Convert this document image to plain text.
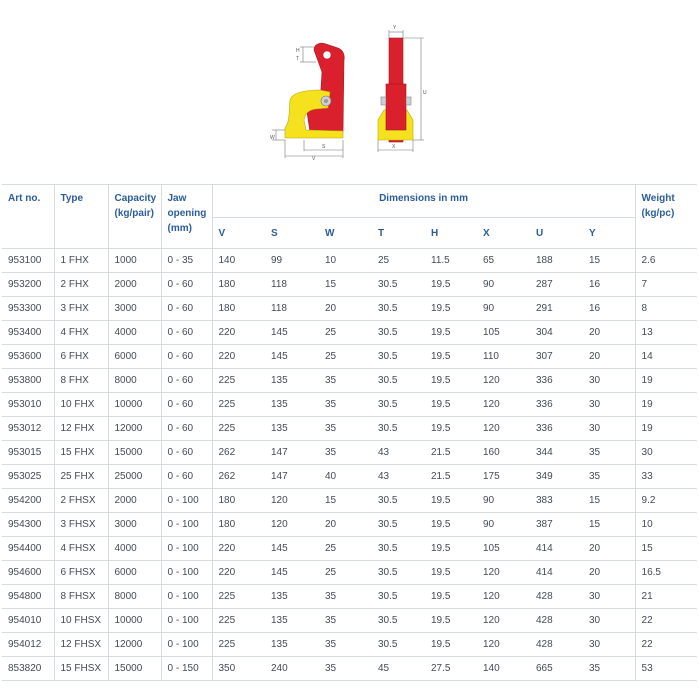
H
T
W
S
V
Y
U
X
Art no.	Type	Capacity (kg/pair)	Jaw opening (mm)	Dimensions in mm								Weight (kg/pc)
				V	S	W	T	H	X	U	Y	
953100	1 FHX	1000	0 - 35	140	99	10	25	11.5	65	188	15	2.6
953200	2 FHX	2000	0 - 60	180	118	15	30.5	19.5	90	287	16	7
953300	3 FHX	3000	0 - 60	180	118	20	30.5	19.5	90	291	16	8
953400	4 FHX	4000	0 - 60	220	145	25	30.5	19.5	105	304	20	13
953600	6 FHX	6000	0 - 60	220	145	25	30.5	19.5	110	307	20	14
953800	8 FHX	8000	0 - 60	225	135	35	30.5	19.5	120	336	30	19
953010	10 FHX	10000	0 - 60	225	135	35	30.5	19.5	120	336	30	19
953012	12 FHX	12000	0 - 60	225	135	35	30.5	19.5	120	336	30	19
953015	15 FHX	15000	0 - 60	262	147	35	43	21.5	160	344	35	30
953025	25 FHX	25000	0 - 60	262	147	40	43	21.5	175	349	35	33
954200	2 FHSX	2000	0 - 100	180	120	15	30.5	19.5	90	383	15	9.2
954300	3 FHSX	3000	0 - 100	180	120	20	30.5	19.5	90	387	15	10
954400	4 FHSX	4000	0 - 100	220	145	25	30.5	19.5	105	414	20	15
954600	6 FHSX	6000	0 - 100	220	145	25	30.5	19.5	120	414	20	16.5
954800	8 FHSX	8000	0 - 100	225	135	35	30.5	19.5	120	428	30	21
954010	10 FHSX	10000	0 - 100	225	135	35	30.5	19.5	120	428	30	22
954012	12 FHSX	12000	0 - 100	225	135	35	30.5	19.5	120	428	30	22
853820	15 FHSX	15000	0 - 150	350	240	35	45	27.5	140	665	35	53
